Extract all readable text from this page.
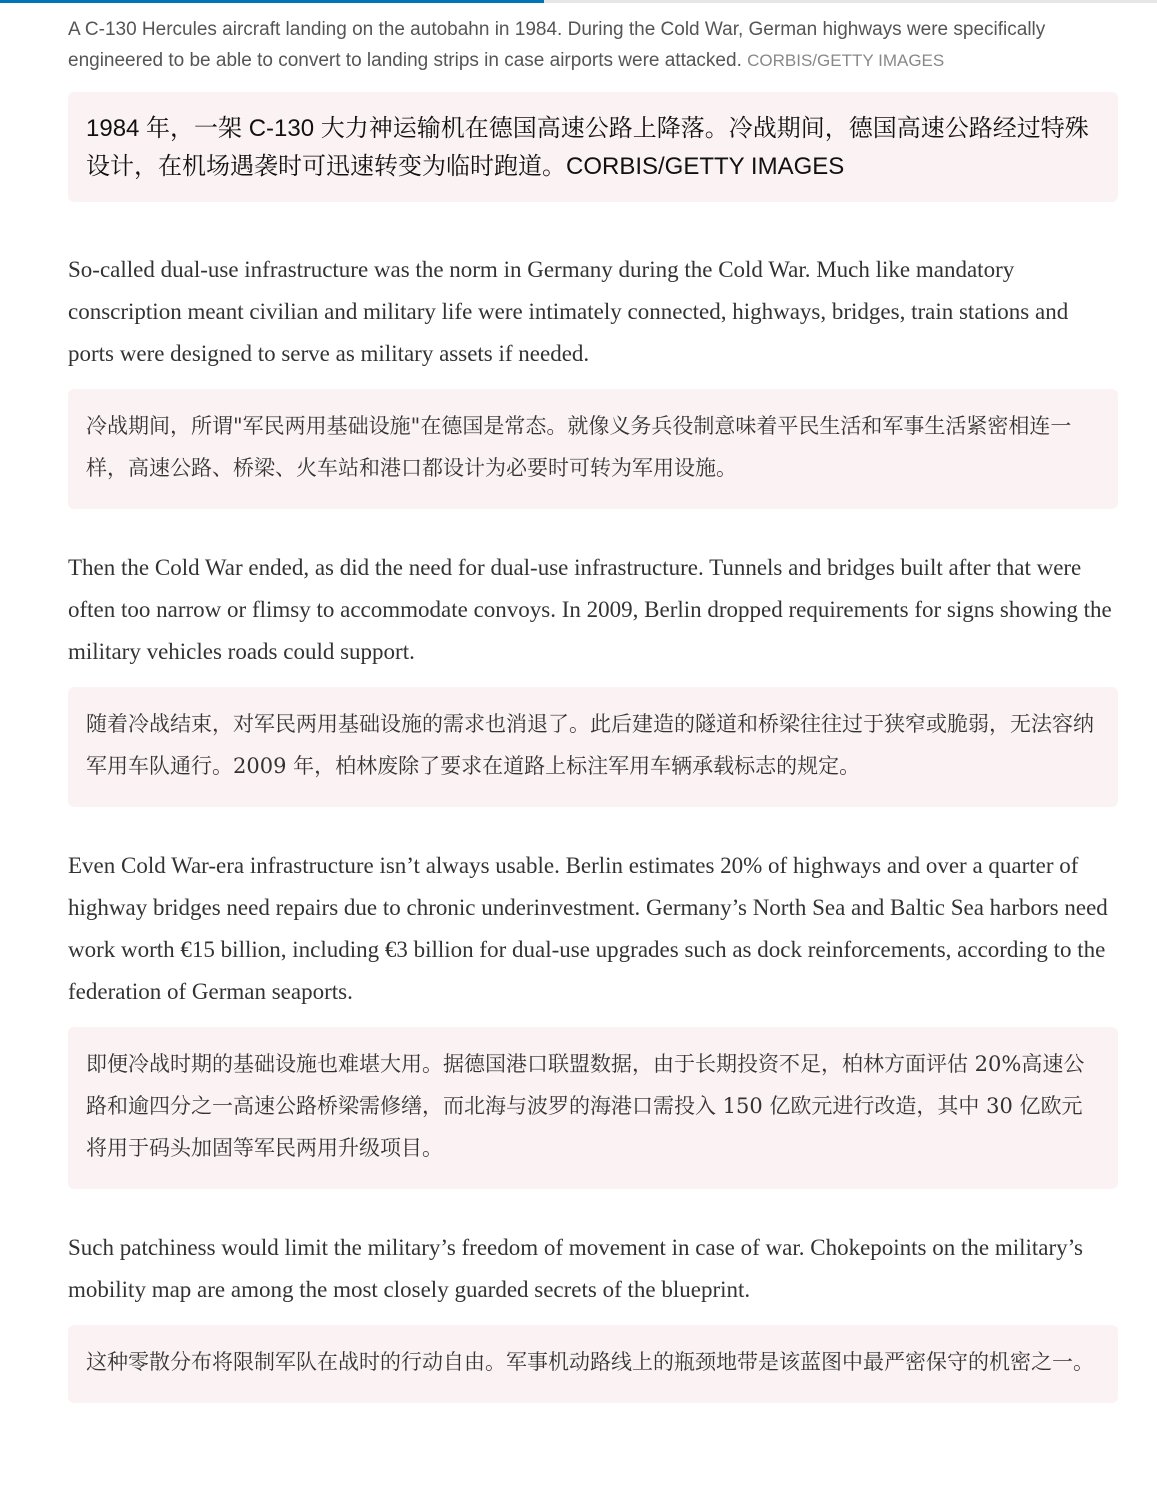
A C-130 Hercules aircraft landing on the autobahn in 1984. During the Cold War, German highways were specifically engineered to be able to convert to landing strips in case airports were attacked. CORBIS/GETTY IMAGES

1984 年，一架 C-130 大力神运输机在德国高速公路上降落。冷战期间，德国高速公路经过特殊设计，在机场遇袭时可迅速转变为临时跑道。CORBIS/GETTY IMAGES

So-called dual-use infrastructure was the norm in Germany during the Cold War. Much like mandatory conscription meant civilian and military life were intimately connected, highways, bridges, train stations and ports were designed to serve as military assets if needed.

冷战期间，所谓"军民两用基础设施"在德国是常态。就像义务兵役制意味着平民生活和军事生活紧密相连一样，高速公路、桥梁、火车站和港口都设计为必要时可转为军用设施。

Then the Cold War ended, as did the need for dual-use infrastructure. Tunnels and bridges built after that were often too narrow or flimsy to accommodate convoys. In 2009, Berlin dropped requirements for signs showing the military vehicles roads could support.

随着冷战结束，对军民两用基础设施的需求也消退了。此后建造的隧道和桥梁往往过于狭窄或脆弱，无法容纳军用车队通行。2009 年，柏林废除了要求在道路上标注军用车辆承载标志的规定。

Even Cold War-era infrastructure isn’t always usable. Berlin estimates 20% of highways and over a quarter of highway bridges need repairs due to chronic underinvestment. Germany’s North Sea and Baltic Sea harbors need work worth €15 billion, including €3 billion for dual-use upgrades such as dock reinforcements, according to the federation of German seaports.

即便冷战时期的基础设施也难堪大用。据德国港口联盟数据，由于长期投资不足，柏林方面评估 20%高速公路和逾四分之一高速公路桥梁需修缮，而北海与波罗的海港口需投入 150 亿欧元进行改造，其中 30 亿欧元将用于码头加固等军民两用升级项目。

Such patchiness would limit the military’s freedom of movement in case of war. Chokepoints on the military’s mobility map are among the most closely guarded secrets of the blueprint.

这种零散分布将限制军队在战时的行动自由。军事机动路线上的瓶颈地带是该蓝图中最严密保守的机密之一。
